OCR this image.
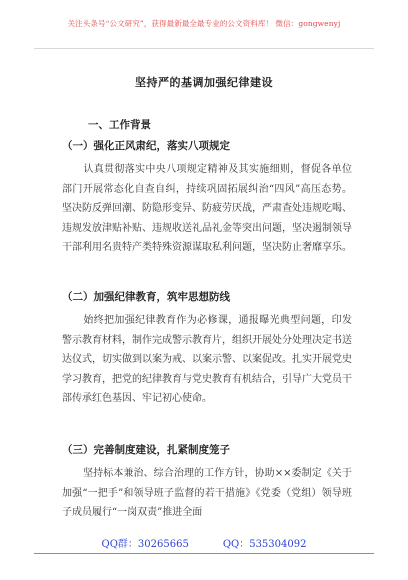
关注头条号“公文研究”，获得最新最全最专业的公文资料库！ 微信：gongwenyj
坚持严的基调加强纪律建设
一、工作背景
（一）强化正风肃纪，落实八项规定

认真贯彻落实中央八项规定精神及其实施细则，督促各单位部门开展常态化自查自纠，持续巩固拓展纠治“四风”高压态势。坚决防反弹回潮、防隐形变异、防疲劳厌战，严肃查处违规吃喝、违规发放津贴补贴、违规收送礼品礼金等突出问题，坚决遏制领导干部利用名贵特产类特殊资源谋取私利问题，坚决防止奢靡享乐。

（二）加强纪律教育，筑牢思想防线

始终把加强纪律教育作为必修课，通报曝光典型问题，印发警示教育材料，制作完成警示教育片，组织开展处分处理决定书送达仪式，切实做到以案为戒、以案示警、以案促改。扎实开展党史学习教育，把党的纪律教育与党史教育有机结合，引导广大党员干部传承红色基因、牢记初心使命。

（三）完善制度建设，扎紧制度笼子

坚持标本兼治、综合治理的工作方针，协助××委制定《关于加强“一把手”和领导班子监督的若干措施》《党委（党组）领导班子成员履行“一岗双责”推进全面

QQ群：30265665	QQ：535304092
